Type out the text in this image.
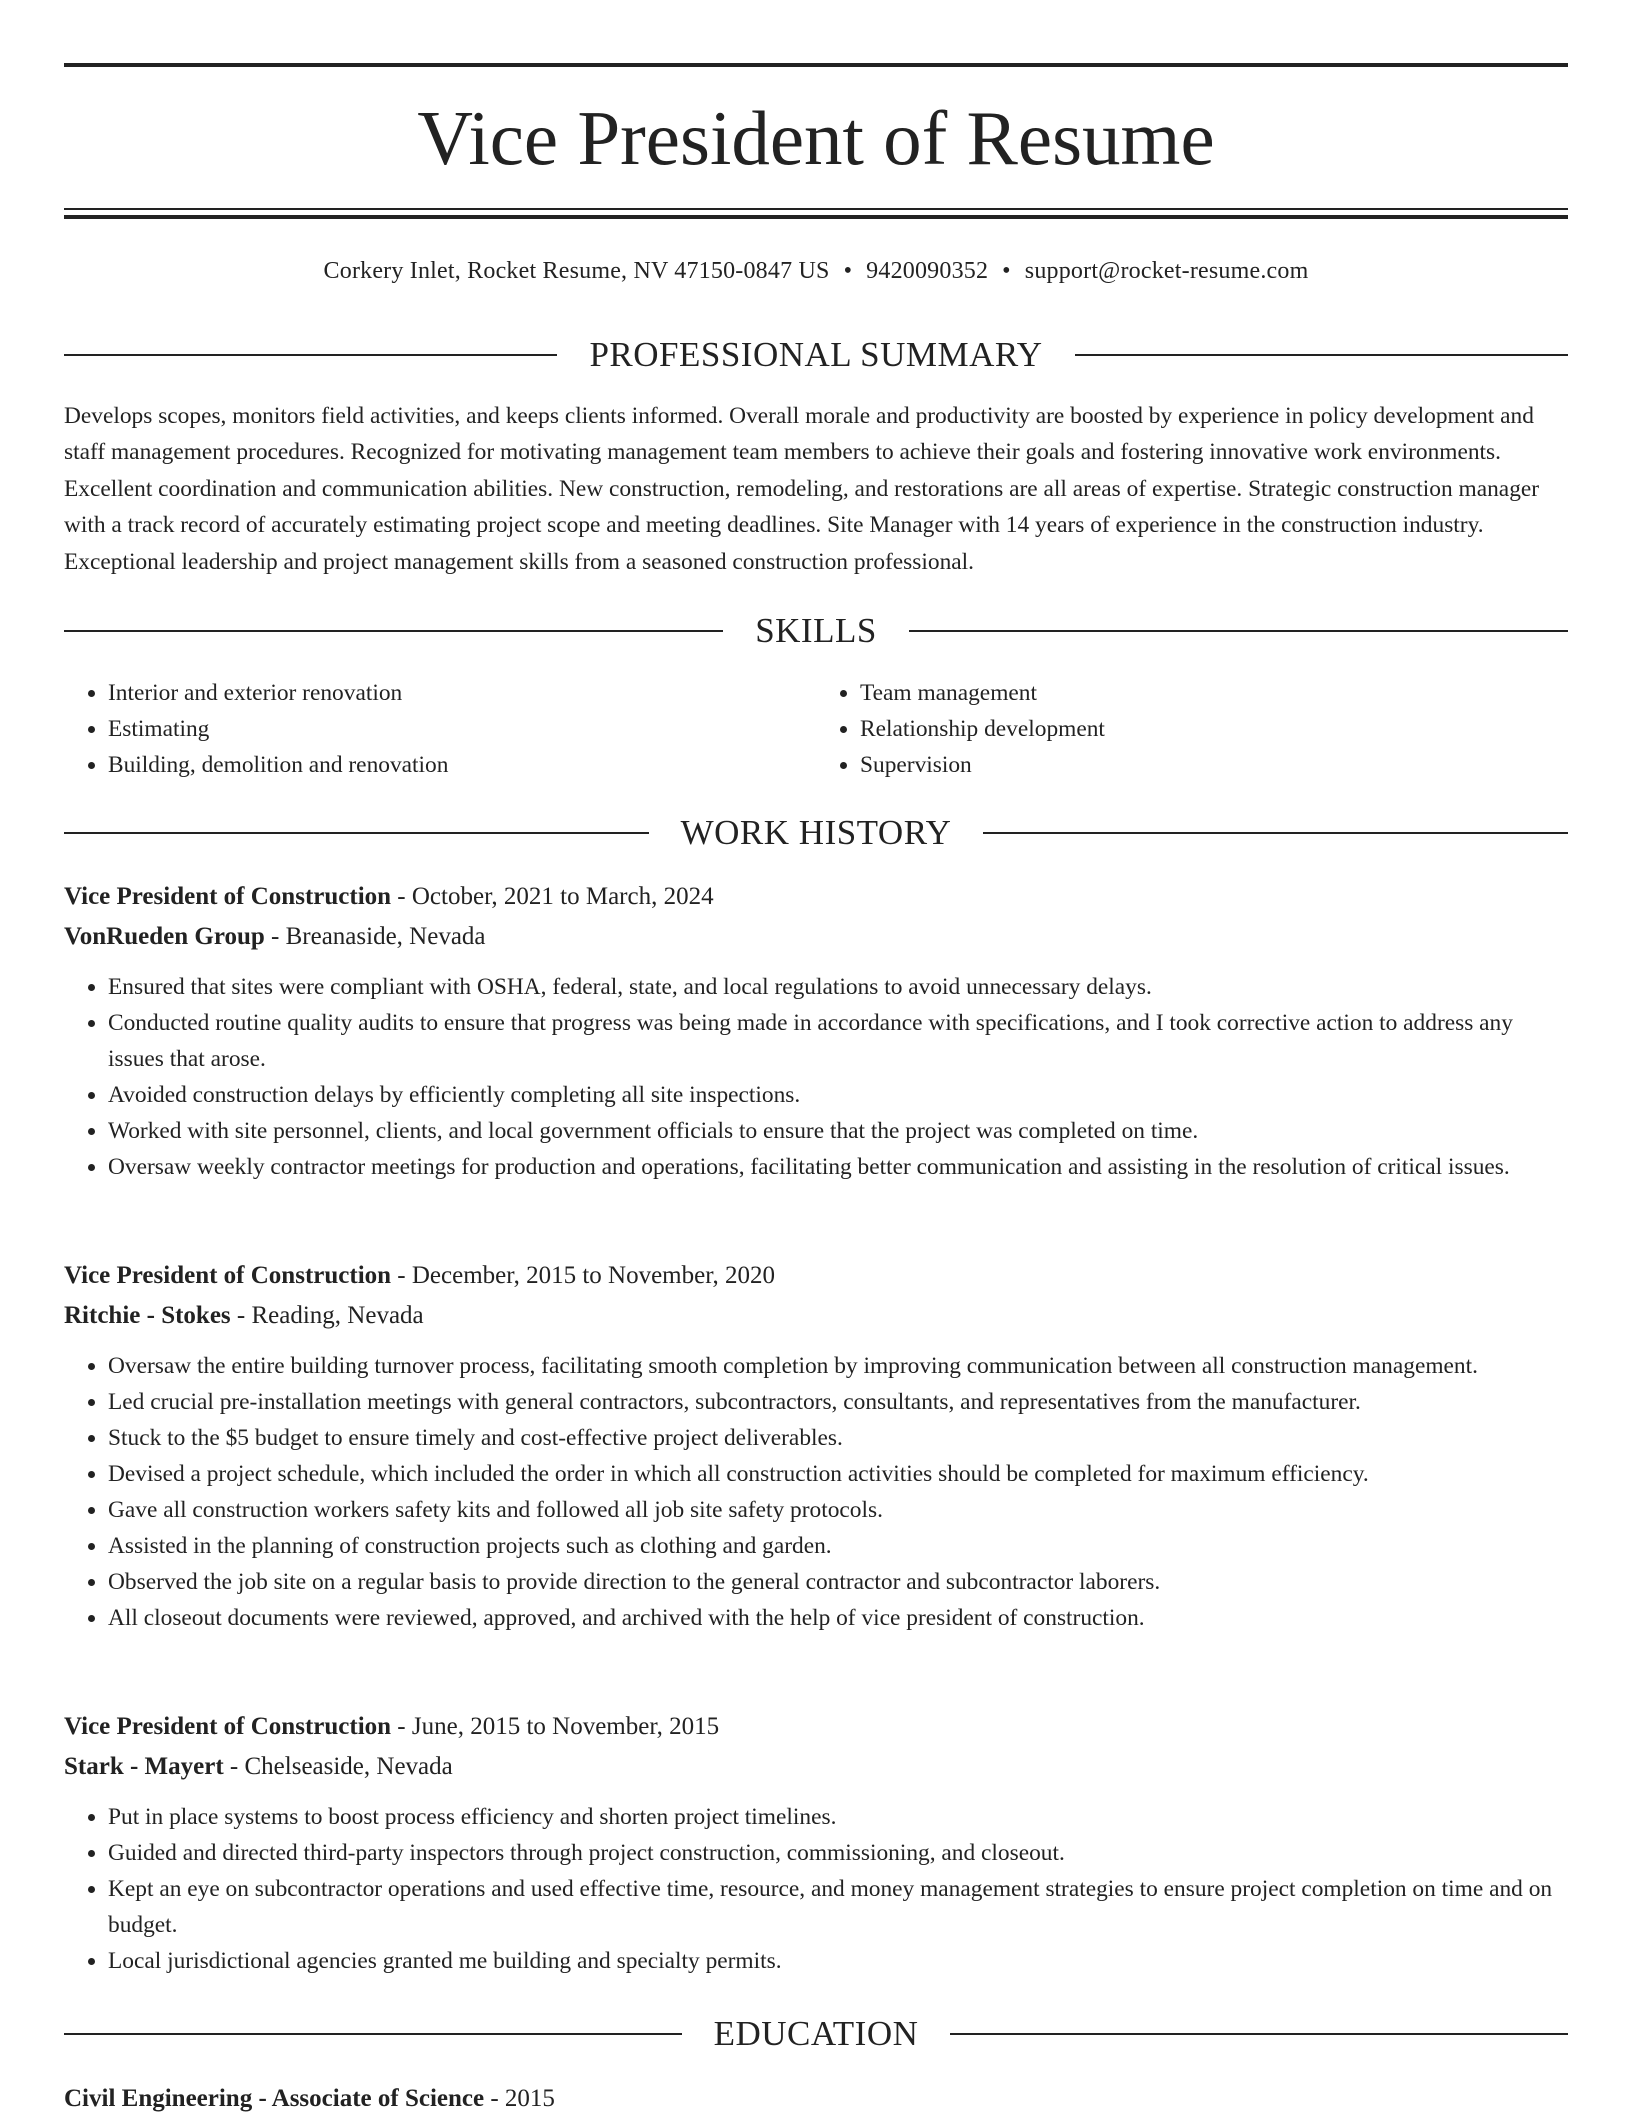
Vice President of Resume
Corkery Inlet, Rocket Resume, NV 47150-0847 US • 9420090352 • support@rocket-resume.com
PROFESSIONAL SUMMARY

Develops scopes, monitors field activities, and keeps clients informed. Overall morale and productivity are boosted by experience in policy development and staff management procedures. Recognized for motivating management team members to achieve their goals and fostering innovative work environments. Excellent coordination and communication abilities. New construction, remodeling, and restorations are all areas of expertise. Strategic construction manager with a track record of accurately estimating project scope and meeting deadlines. Site Manager with 14 years of experience in the construction industry. Exceptional leadership and project management skills from a seasoned construction professional.

SKILLS
• Interior and exterior renovation
• Estimating
• Building, demolition and renovation
• Team management
• Relationship development
• Supervision
WORK HISTORY
Vice President of Construction - October, 2021 to March, 2024
VonRueden Group - Breanaside, Nevada
• Ensured that sites were compliant with OSHA, federal, state, and local regulations to avoid unnecessary delays.
• Conducted routine quality audits to ensure that progress was being made in accordance with specifications, and I took corrective action to address any issues that arose.
• Avoided construction delays by efficiently completing all site inspections.
• Worked with site personnel, clients, and local government officials to ensure that the project was completed on time.
• Oversaw weekly contractor meetings for production and operations, facilitating better communication and assisting in the resolution of critical issues.
Vice President of Construction - December, 2015 to November, 2020
Ritchie - Stokes - Reading, Nevada
• Oversaw the entire building turnover process, facilitating smooth completion by improving communication between all construction management.
• Led crucial pre-installation meetings with general contractors, subcontractors, consultants, and representatives from the manufacturer.
• Stuck to the $5 budget to ensure timely and cost-effective project deliverables.
• Devised a project schedule, which included the order in which all construction activities should be completed for maximum efficiency.
• Gave all construction workers safety kits and followed all job site safety protocols.
• Assisted in the planning of construction projects such as clothing and garden.
• Observed the job site on a regular basis to provide direction to the general contractor and subcontractor laborers.
• All closeout documents were reviewed, approved, and archived with the help of vice president of construction.
Vice President of Construction - June, 2015 to November, 2015
Stark - Mayert - Chelseaside, Nevada
• Put in place systems to boost process efficiency and shorten project timelines.
• Guided and directed third-party inspectors through project construction, commissioning, and closeout.
• Kept an eye on subcontractor operations and used effective time, resource, and money management strategies to ensure project completion on time and on budget.
• Local jurisdictional agencies granted me building and specialty permits.
EDUCATION
Civil Engineering - Associate of Science - 2015
